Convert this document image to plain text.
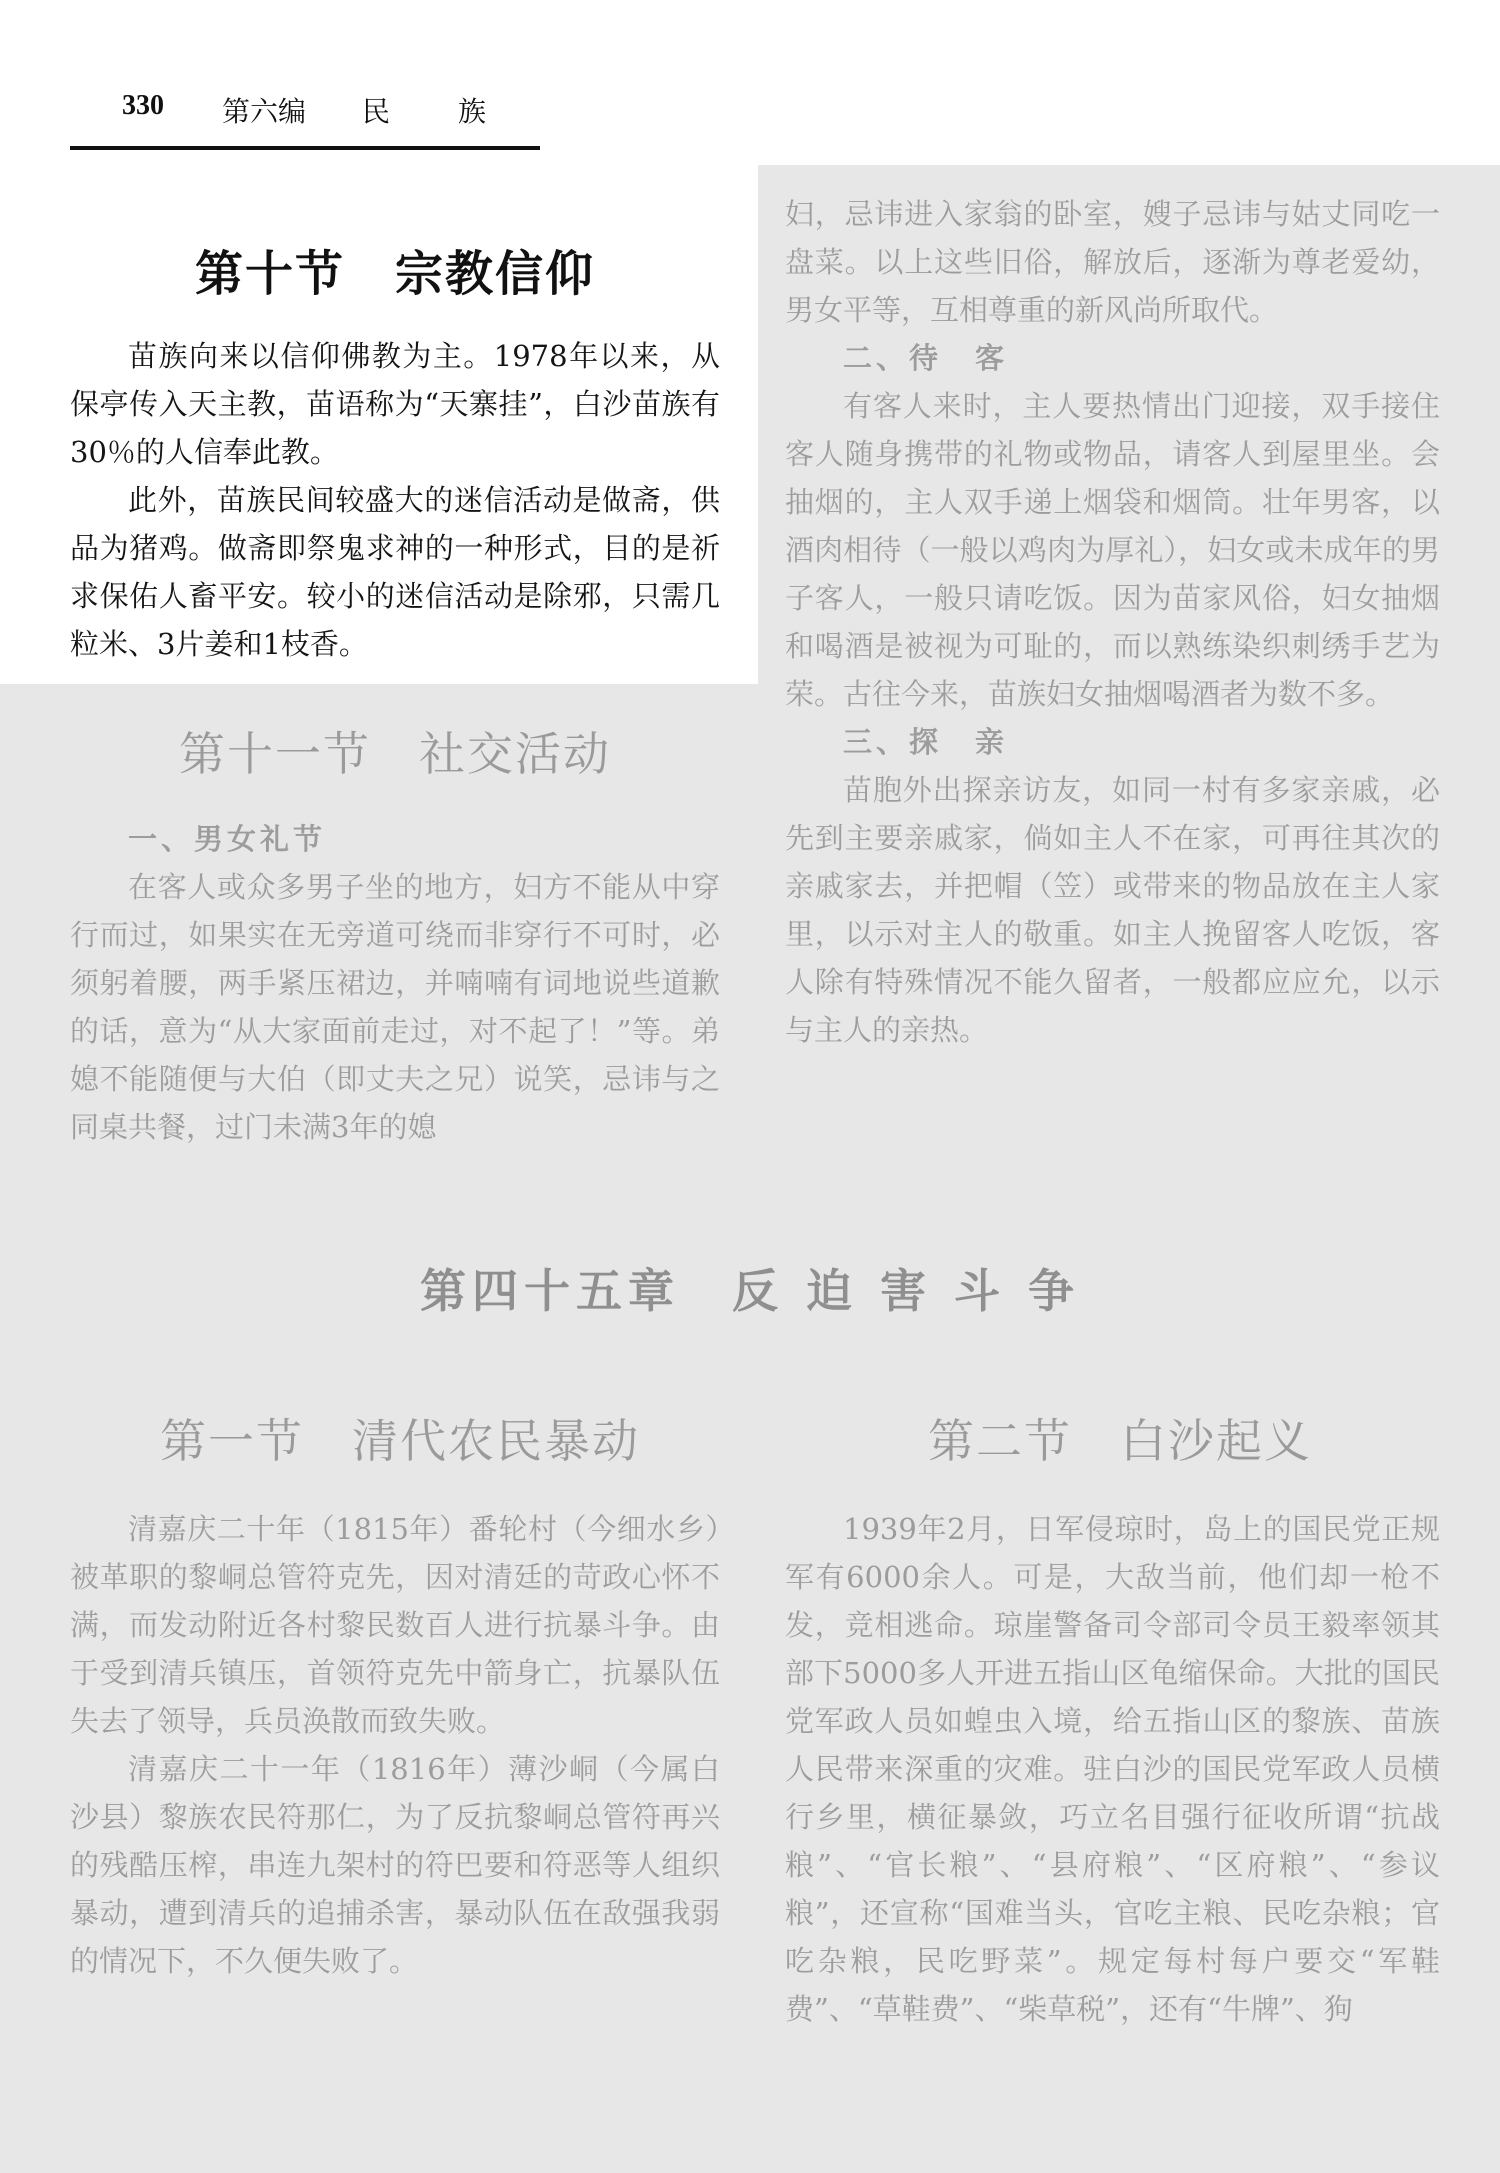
330 第六编 民 族
第十节　宗教信仰

苗族向来以信仰佛教为主。1978年以来，从保亭传入天主教，苗语称为“天寨挂”，白沙苗族有30％的人信奉此教。

此外，苗族民间较盛大的迷信活动是做斋，供品为猪鸡。做斋即祭鬼求神的一种形式，目的是祈求保佑人畜平安。较小的迷信活动是除邪，只需几粒米、3片姜和1枝香。

第十一节　社交活动

一、男女礼节

在客人或众多男子坐的地方，妇方不能从中穿行而过，如果实在无旁道可绕而非穿行不可时，必须躬着腰，两手紧压裙边，并喃喃有词地说些道歉的话，意为“从大家面前走过，对不起了！”等。弟媳不能随便与大伯（即丈夫之兄）说笑，忌讳与之同桌共餐，过门未满3年的媳

妇，忌讳进入家翁的卧室，嫂子忌讳与姑丈同吃一盘菜。以上这些旧俗，解放后，逐渐为尊老爱幼，男女平等，互相尊重的新风尚所取代。

二、待　客

有客人来时，主人要热情出门迎接，双手接住客人随身携带的礼物或物品，请客人到屋里坐。会抽烟的，主人双手递上烟袋和烟筒。壮年男客，以酒肉相待（一般以鸡肉为厚礼），妇女或未成年的男子客人，一般只请吃饭。因为苗家风俗，妇女抽烟和喝酒是被视为可耻的，而以熟练染织刺绣手艺为荣。古往今来，苗族妇女抽烟喝酒者为数不多。

三、探　亲

苗胞外出探亲访友，如同一村有多家亲戚，必先到主要亲戚家，倘如主人不在家，可再往其次的亲戚家去，并把帽（笠）或带来的物品放在主人家里，以示对主人的敬重。如主人挽留客人吃饭，客人除有特殊情况不能久留者，一般都应应允，以示与主人的亲热。

第四十五章　反 迫 害 斗 争
第一节　清代农民暴动

清嘉庆二十年（1815年）番轮村（今细水乡）被革职的黎峒总管符克先，因对清廷的苛政心怀不满，而发动附近各村黎民数百人进行抗暴斗争。由于受到清兵镇压，首领符克先中箭身亡，抗暴队伍失去了领导，兵员涣散而致失败。

清嘉庆二十一年（1816年）薄沙峒（今属白沙县）黎族农民符那仁，为了反抗黎峒总管符再兴的残酷压榨，串连九架村的符巴要和符恶等人组织暴动，遭到清兵的追捕杀害，暴动队伍在敌强我弱的情况下，不久便失败了。

第二节　白沙起义

1939年2月，日军侵琼时，岛上的国民党正规军有6000余人。可是，大敌当前，他们却一枪不发，竞相逃命。琼崖警备司令部司令员王毅率领其部下5000多人开进五指山区龟缩保命。大批的国民党军政人员如蝗虫入境，给五指山区的黎族、苗族人民带来深重的灾难。驻白沙的国民党军政人员横行乡里，横征暴敛，巧立名目强行征收所谓“抗战粮”、“官长粮”、“县府粮”、“区府粮”、“参议粮”，还宣称“国难当头，官吃主粮、民吃杂粮；官吃杂粮，民吃野菜”。规定每村每户要交“军鞋费”、“草鞋费”、“柴草税”，还有“牛牌”、狗
